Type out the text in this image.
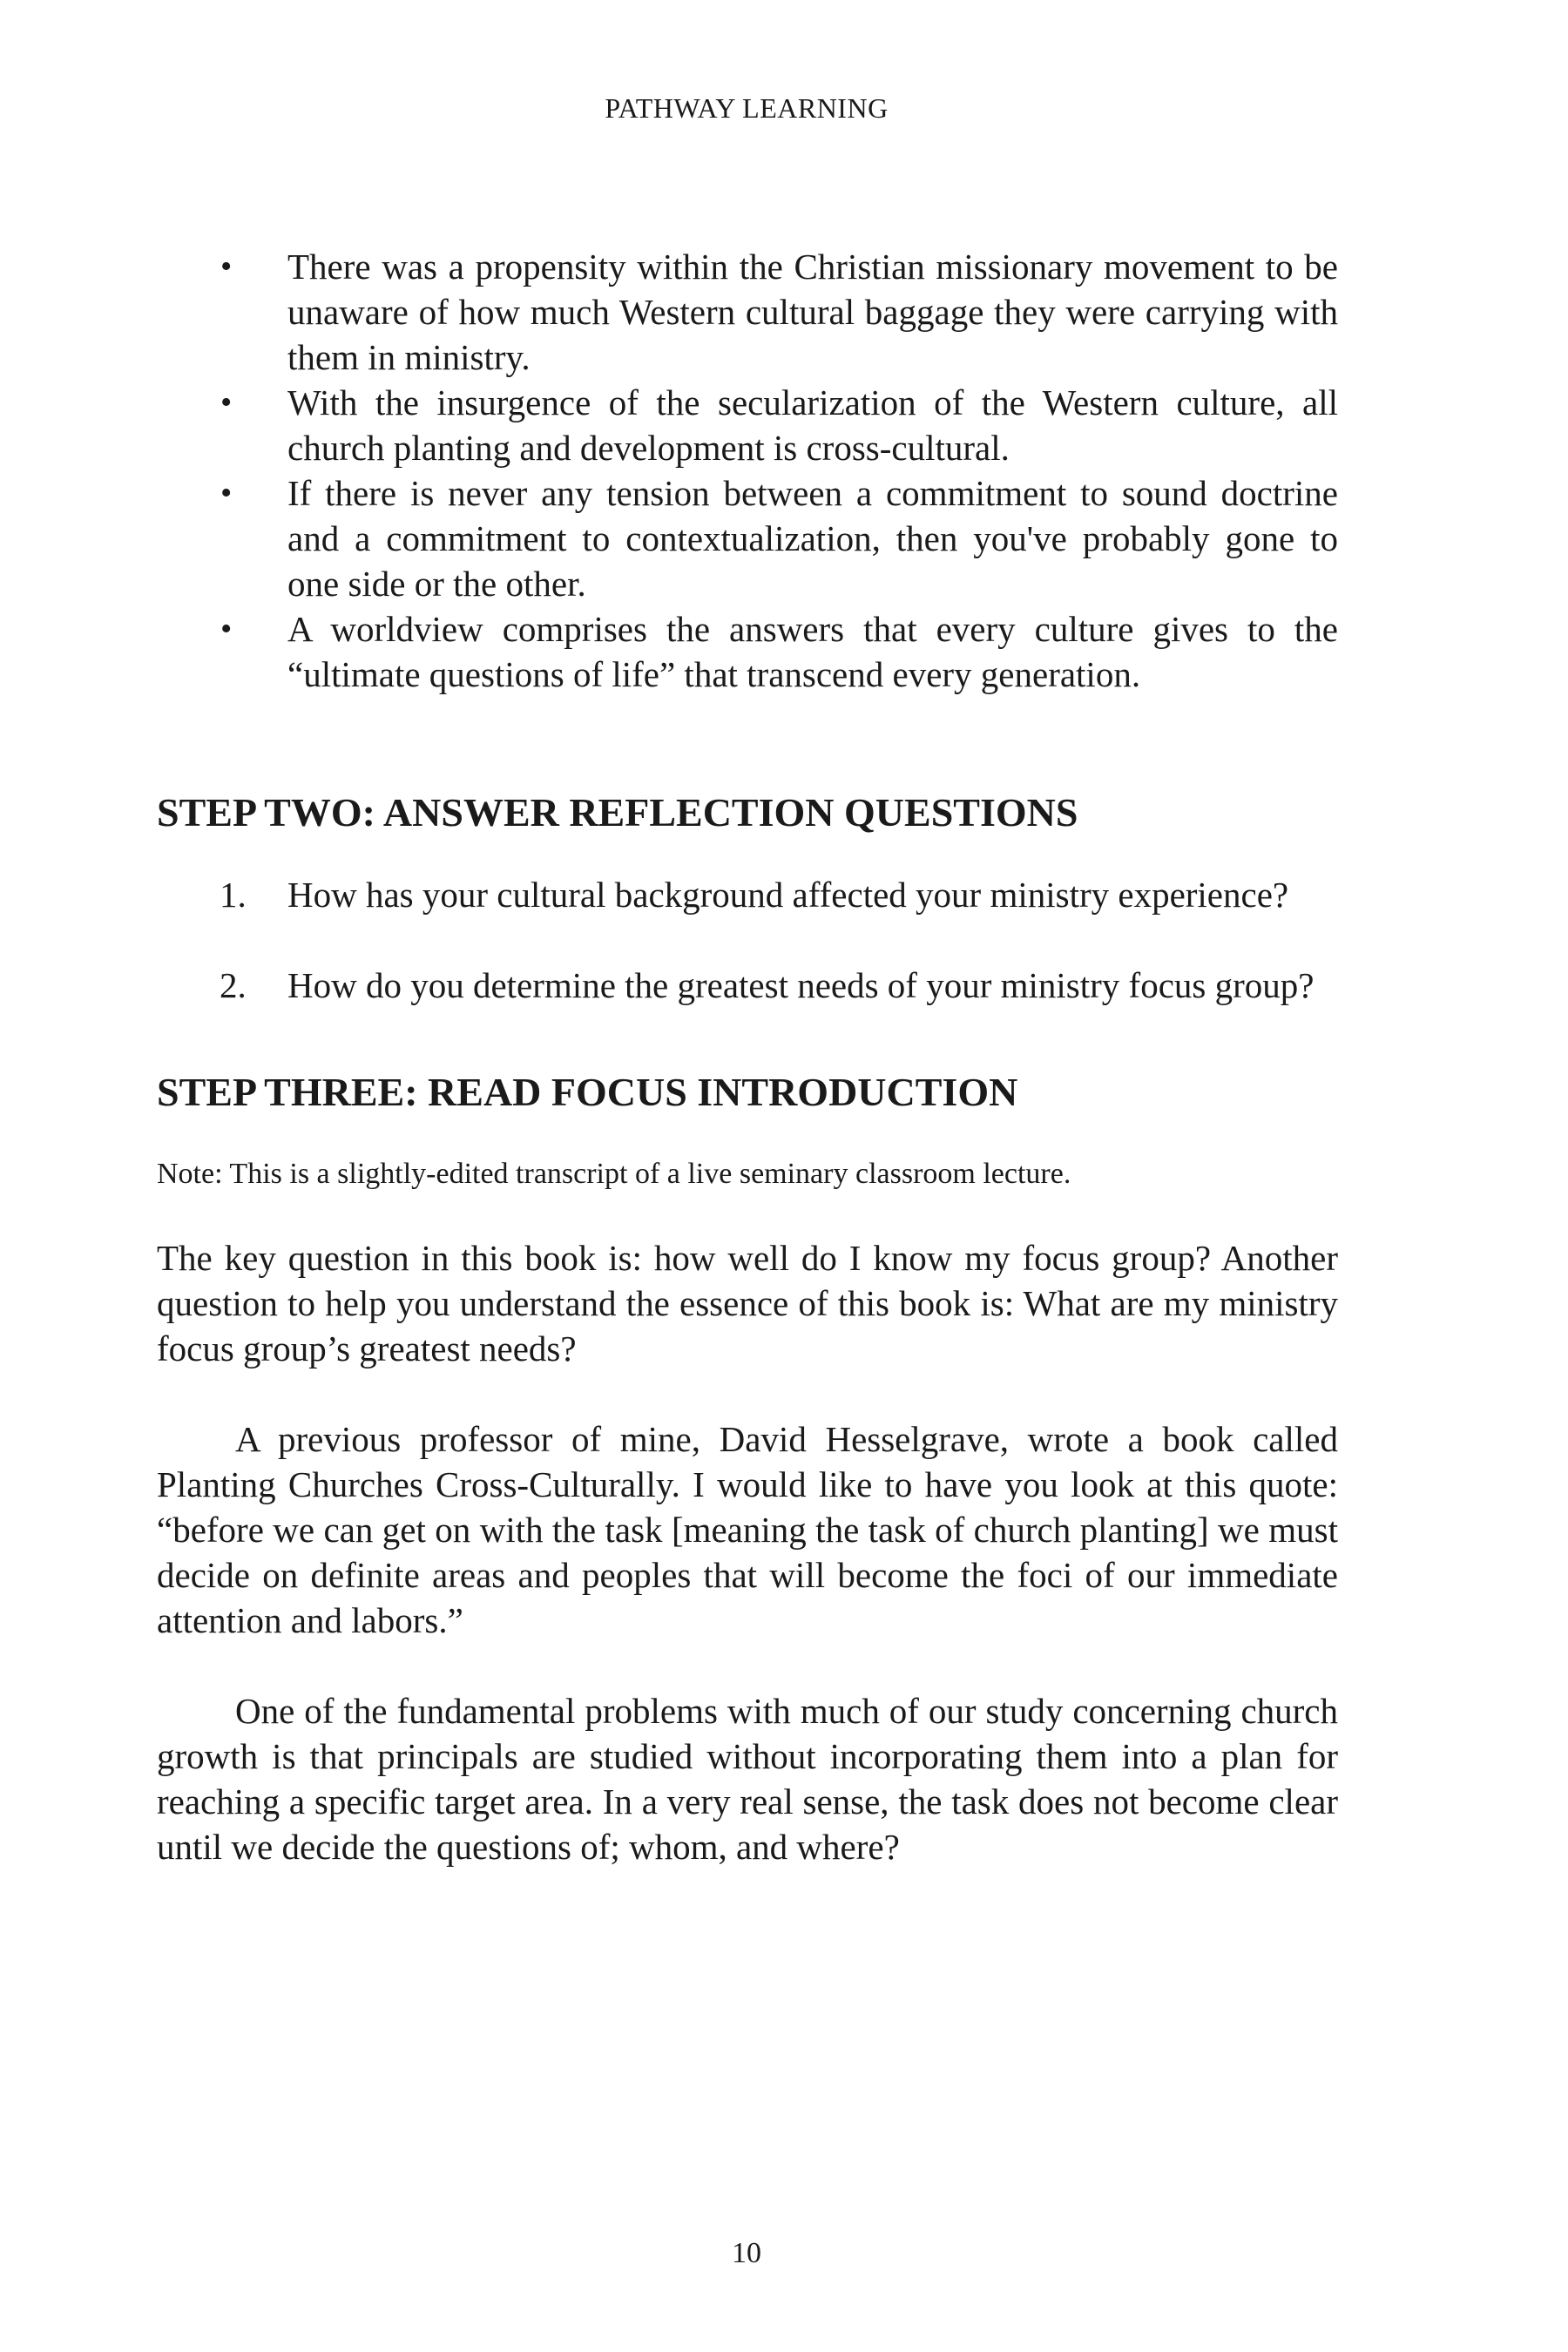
PATHWAY LEARNING
• There was a propensity within the Christian missionary movement to be unaware of how much Western cultural baggage they were carrying with them in ministry.
• With the insurgence of the secularization of the Western culture, all church planting and development is cross-cultural.
• If there is never any tension between a commitment to sound doctrine and a commitment to contextualization, then you've probably gone to one side or the other.
• A worldview comprises the answers that every culture gives to the “ultimate questions of life” that transcend every generation.
STEP TWO: ANSWER REFLECTION QUESTIONS
1. How has your cultural background affected your ministry experience?
2. How do you determine the greatest needs of your ministry focus group?
STEP THREE: READ FOCUS INTRODUCTION

Note: This is a slightly-edited transcript of a live seminary classroom lecture.

The key question in this book is: how well do I know my focus group? Another question to help you understand the essence of this book is: What are my ministry focus group’s greatest needs?

A previous professor of mine, David Hesselgrave, wrote a book called Planting Churches Cross-Culturally. I would like to have you look at this quote: “before we can get on with the task [meaning the task of church planting] we must decide on definite areas and peoples that will become the foci of our immediate attention and labors.”

One of the fundamental problems with much of our study concerning church growth is that principals are studied without incorporating them into a plan for reaching a specific target area. In a very real sense, the task does not become clear until we decide the questions of; whom, and where?

10
